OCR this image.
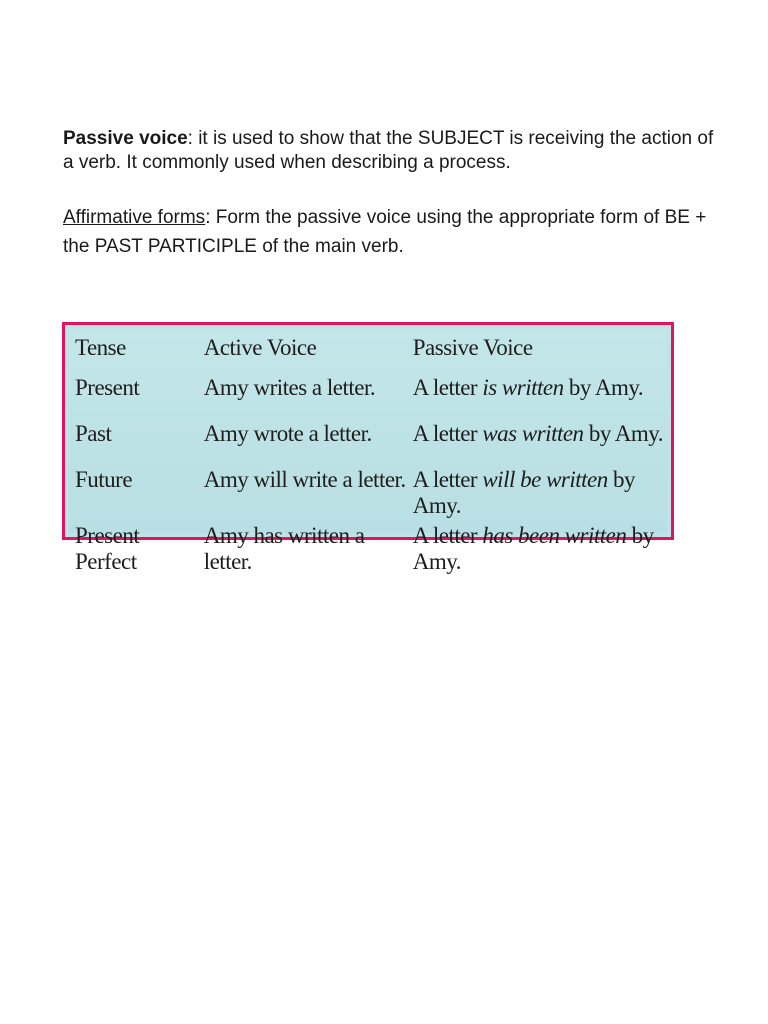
Passive voice: it is used to show that the SUBJECT is receiving the action of a verb. It commonly used when describing a process.

Affirmative forms: Form the passive voice using the appropriate form of BE + the PAST PARTICIPLE of the main verb.

Tense	Active Voice	Passive Voice
Present	Amy writes a letter.	A letter is written by Amy.
Past	Amy wrote a letter.	A letter was written by Amy.
Future	Amy will write a letter.	A letter will be written by Amy.
Present Perfect	Amy has written a letter.	A letter has been written by Amy.
